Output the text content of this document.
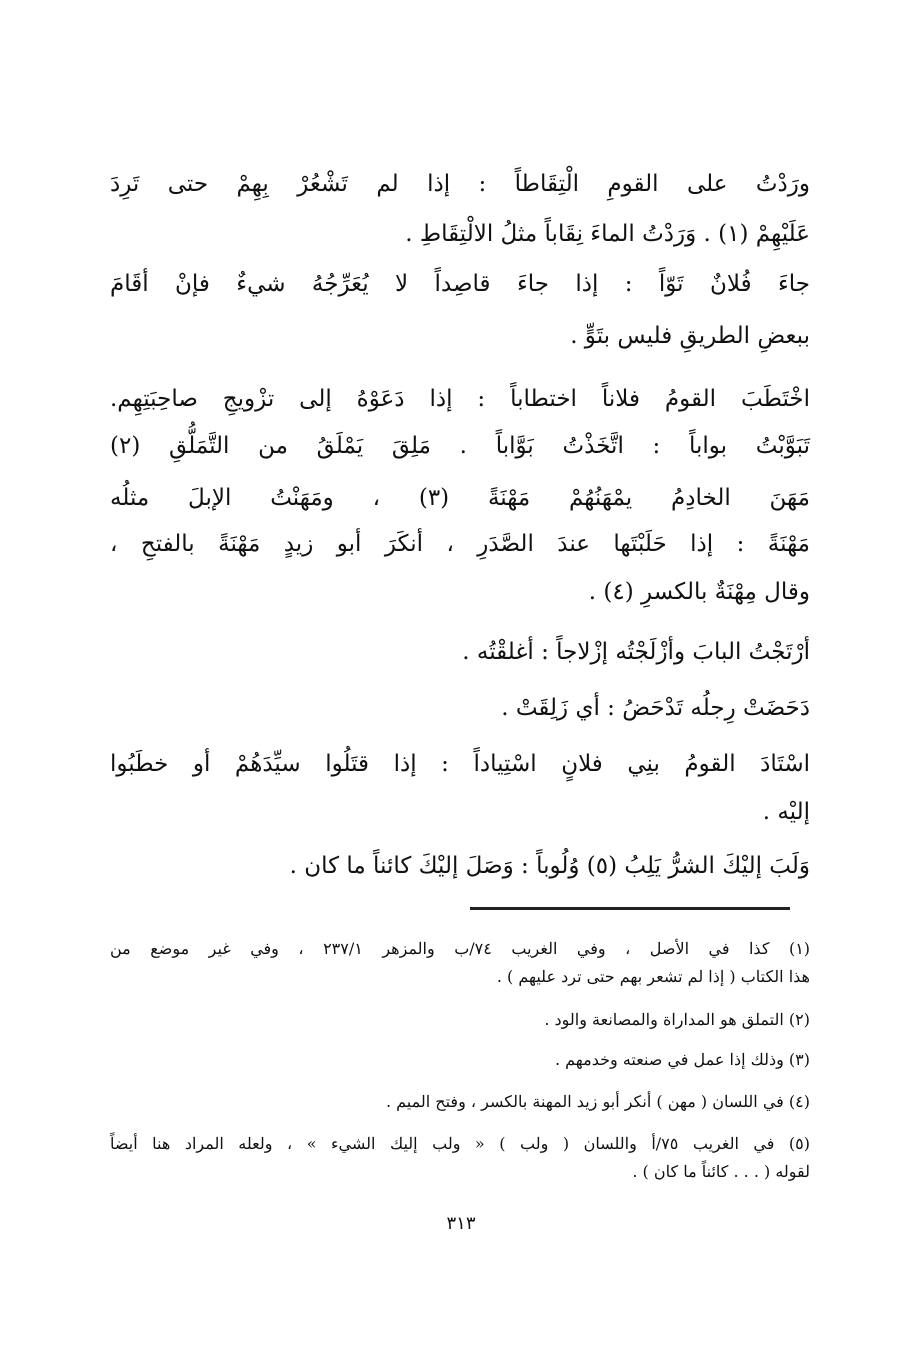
ورَدْتُ على القومِ الْتِقَاطاً : إذا لم تَشْعُرْ بِهِمْ حتى تَرِدَ
عَلَيْهِمْ (١) . وَرَدْتُ الماءَ نِقَاباً مثلُ الالْتِقَاطِ .
جاءَ فُلانٌ تَوّاً : إذا جاءَ قاصِداً لا يُعَرِّجُهُ شيءٌ فإنْ أقَامَ
ببعضِ الطريقِ فليس بتَوٍّ .
اخْتَطَبَ القومُ فلاناً اختطاباً : إذا دَعَوْهُ إلى تزْويجِ صاحِبَتِهِم.
تَبَوَّبْتُ بواباً : اتَّخَذْتُ بَوَّاباً . مَلِقَ يَمْلَقُ من التَّمَلُّقِ (٢)
مَهَنَ الخادِمُ يمْهَنُهُمْ مَهْنَةً (٣) ، ومَهَنْتُ الإبلَ مثلُه
مَهْنَةً : إذا حَلَبْتَها عندَ الصَّدَرِ ، أنكَرَ أبو زيدٍ مَهْنَةً بالفتحِ ،
وقال مِهْنَةٌ بالكسرِ (٤) .
أرْتَجْتُ البابَ وأزْلَجْتُه إزْلاجاً : أغلقْتُه .
دَحَضَتْ رِجلُه تَدْحَضُ : أي زَلِقَتْ .
اسْتَادَ القومُ بنِي فلانٍ اسْتِياداً : إذا قتَلُوا سيِّدَهُمْ أو خطَبُوا
إليْه .
وَلَبَ إليْكَ الشرُّ يَلِبُ (٥) وُلُوباً : وَصَلَ إليْكَ كائناً ما كان .
(١) كذا في الأصل ، وفي الغريب ٧٤/ب والمزهر ٢٣٧/١ ، وفي غير موضع من
هذا الكتاب ( إذا لم تشعر بهم حتى ترد عليهم ) .
(٢) التملق هو المداراة والمصانعة والود .
(٣) وذلك إذا عمل في صنعته وخدمهم .
(٤) في اللسان ( مهن ) أنكر أبو زيد المهنة بالكسر ، وفتح الميم .
(٥) في الغريب ٧٥/أ واللسان ( ولب ) « ولب إليك الشيء » ، ولعله المراد هنا أيضاً
لقوله ( . . . كائناً ما كان ) .
٣١٣
